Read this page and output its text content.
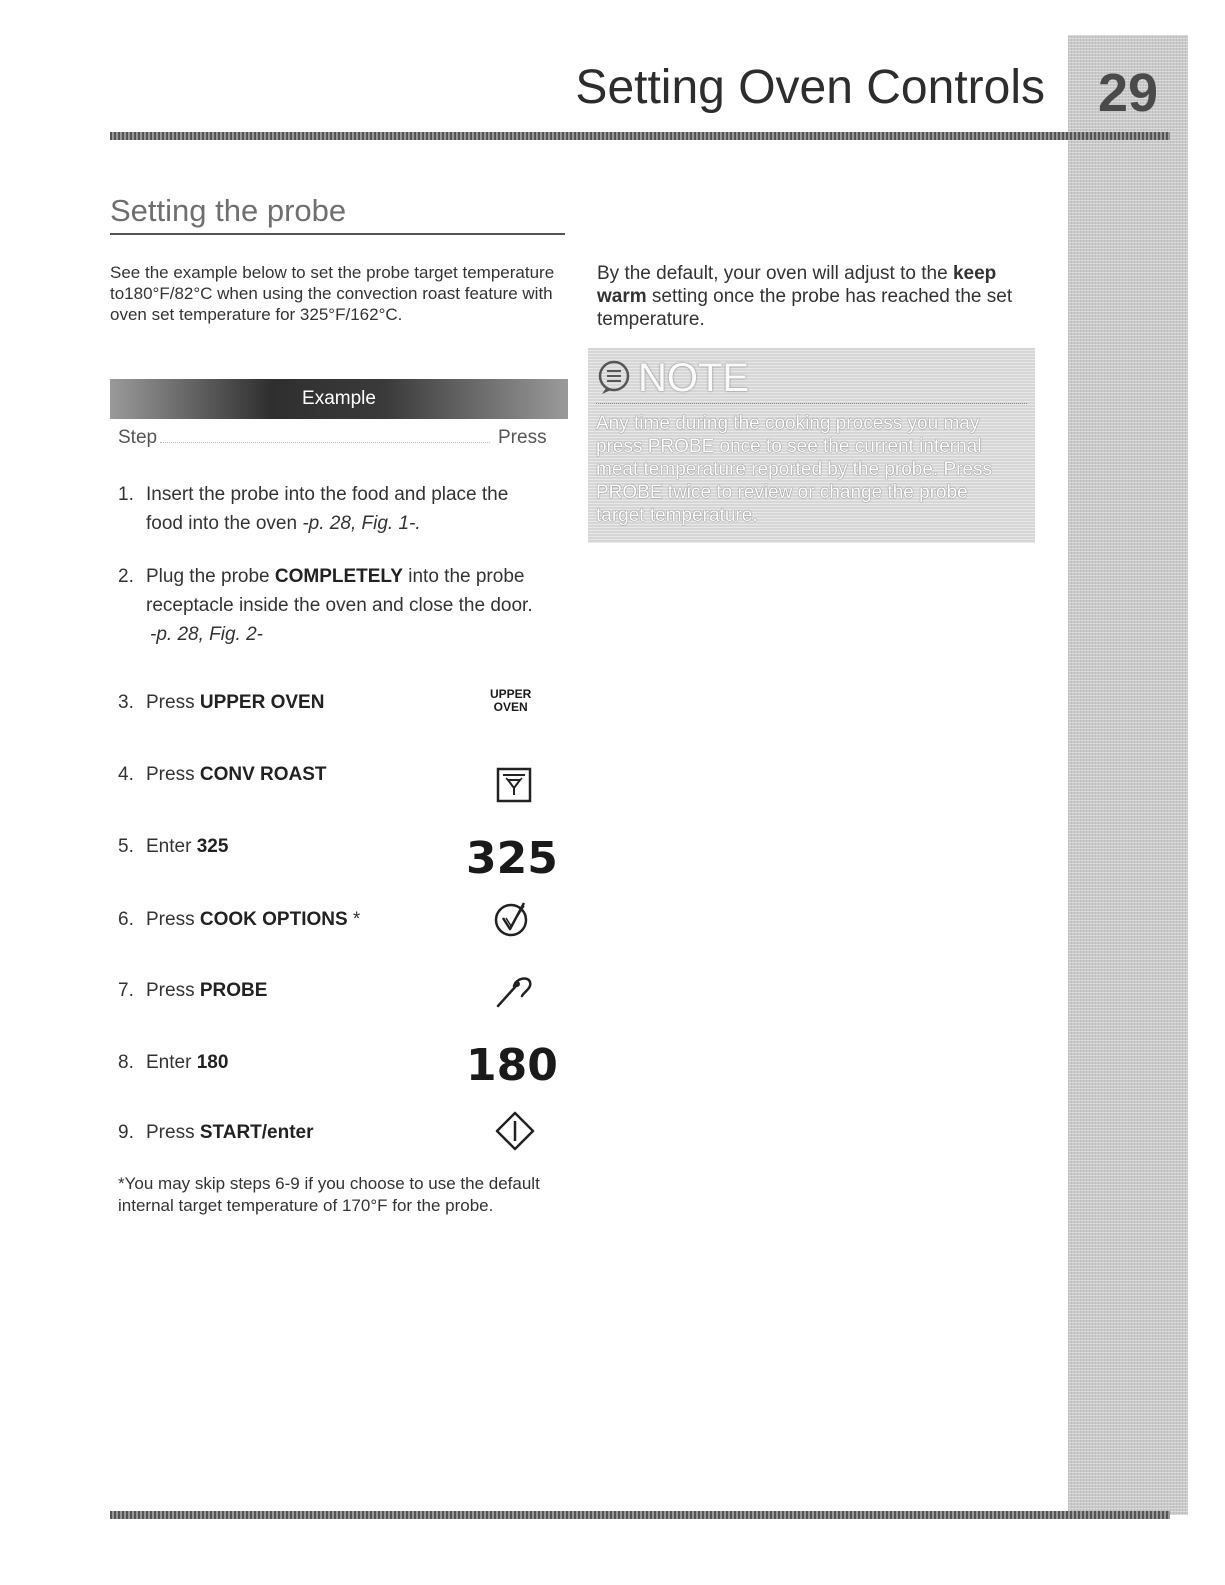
29
Setting Oven Controls
Setting the probe
See the example below to set the probe target temperature to180°F/82°C when using the convection roast feature with oven set temperature for 325°F/162°C.
Example
Step	Press
1. Insert the probe into the food and place the
food into the oven -p. 28, Fig. 1-.
2. Plug the probe COMPLETELY into the probe
receptacle inside the oven and close the door.
-p. 28, Fig. 2-
3. Press UPPER OVEN	UPPER
OVEN
4. Press CONV ROAST
5. Enter 325	325
6. Press COOK OPTIONS *
7. Press PROBE
8. Enter 180	180
9. Press START/enter
*You may skip steps 6-9 if you choose to use the default internal target temperature of 170°F for the probe.
By the default, your oven will adjust to the keep warm setting once the probe has reached the set temperature.
NOTE
Any time during the cooking process you may press PROBE once to see the current internal meat temperature reported by the probe. Press PROBE twice to review or change the probe target temperature.
